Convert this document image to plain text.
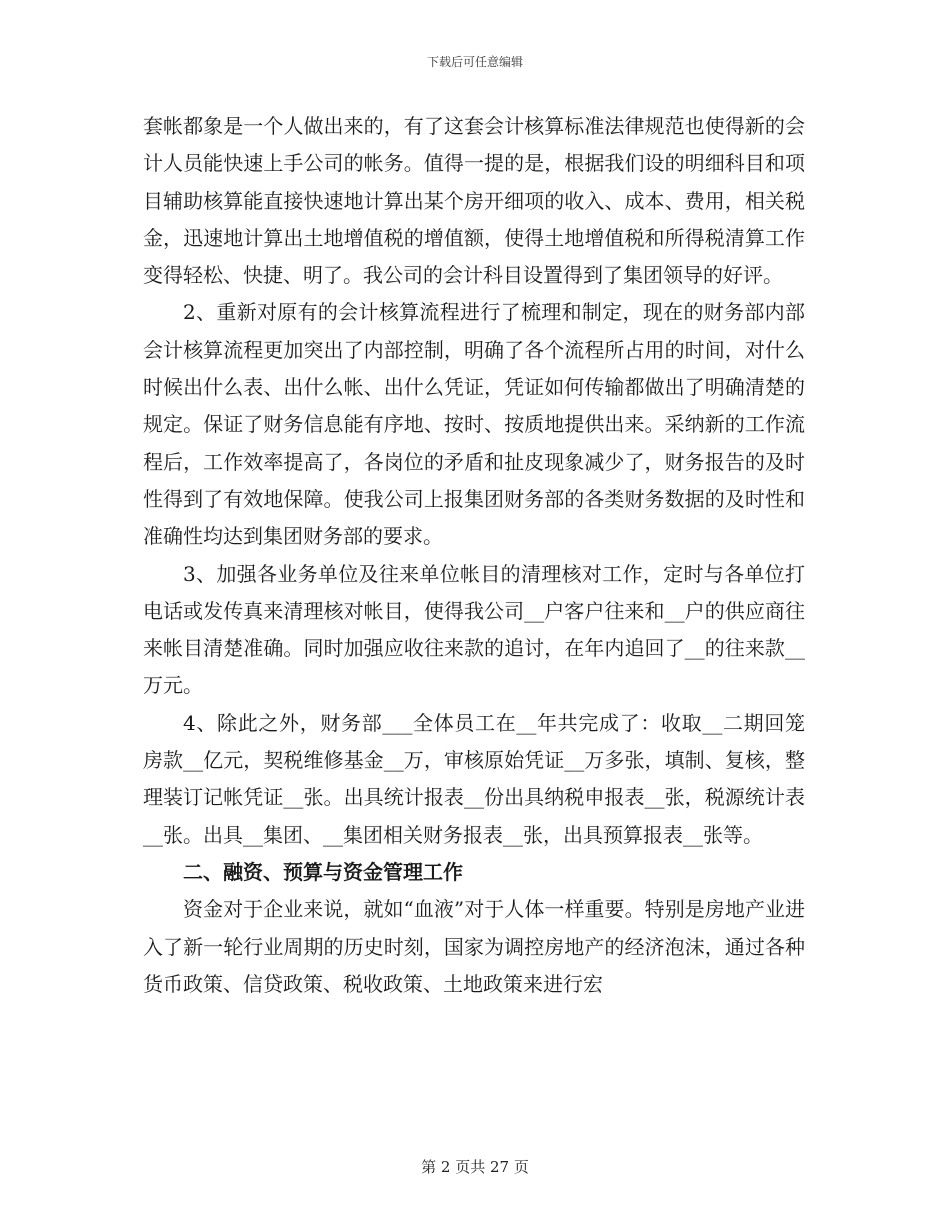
下载后可任意编辑

套帐都象是一个人做出来的，有了这套会计核算标准法律规范也使得新的会计人员能快速上手公司的帐务。值得一提的是，根据我们设的明细科目和项目辅助核算能直接快速地计算出某个房开细项的收入、成本、费用，相关税金，迅速地计算出土地增值税的增值额，使得土地增值税和所得税清算工作变得轻松、快捷、明了。我公司的会计科目设置得到了集团领导的好评。

2、重新对原有的会计核算流程进行了梳理和制定，现在的财务部内部会计核算流程更加突出了内部控制，明确了各个流程所占用的时间，对什么时候出什么表、出什么帐、出什么凭证，凭证如何传输都做出了明确清楚的规定。保证了财务信息能有序地、按时、按质地提供出来。采纳新的工作流程后，工作效率提高了，各岗位的矛盾和扯皮现象减少了，财务报告的及时性得到了有效地保障。使我公司上报集团财务部的各类财务数据的及时性和准确性均达到集团财务部的要求。

3、加强各业务单位及往来单位帐目的清理核对工作，定时与各单位打电话或发传真来清理核对帐目，使得我公司__户客户往来和__户的供应商往来帐目清楚准确。同时加强应收往来款的追讨，在年内追回了__的往来款__万元。

4、除此之外，财务部___全体员工在__年共完成了：收取__二期回笼房款__亿元，契税维修基金__万，审核原始凭证__万多张，填制、复核，整理装订记帐凭证__张。出具统计报表__份出具纳税申报表__张，税源统计表__张。出具__集团、__集团相关财务报表__张，出具预算报表__张等。

二、融资、预算与资金管理工作

资金对于企业来说，就如“血液”对于人体一样重要。特别是房地产业进入了新一轮行业周期的历史时刻，国家为调控房地产的经济泡沫，通过各种货币政策、信贷政策、税收政策、土地政策来进行宏

第 2 页共 27 页
